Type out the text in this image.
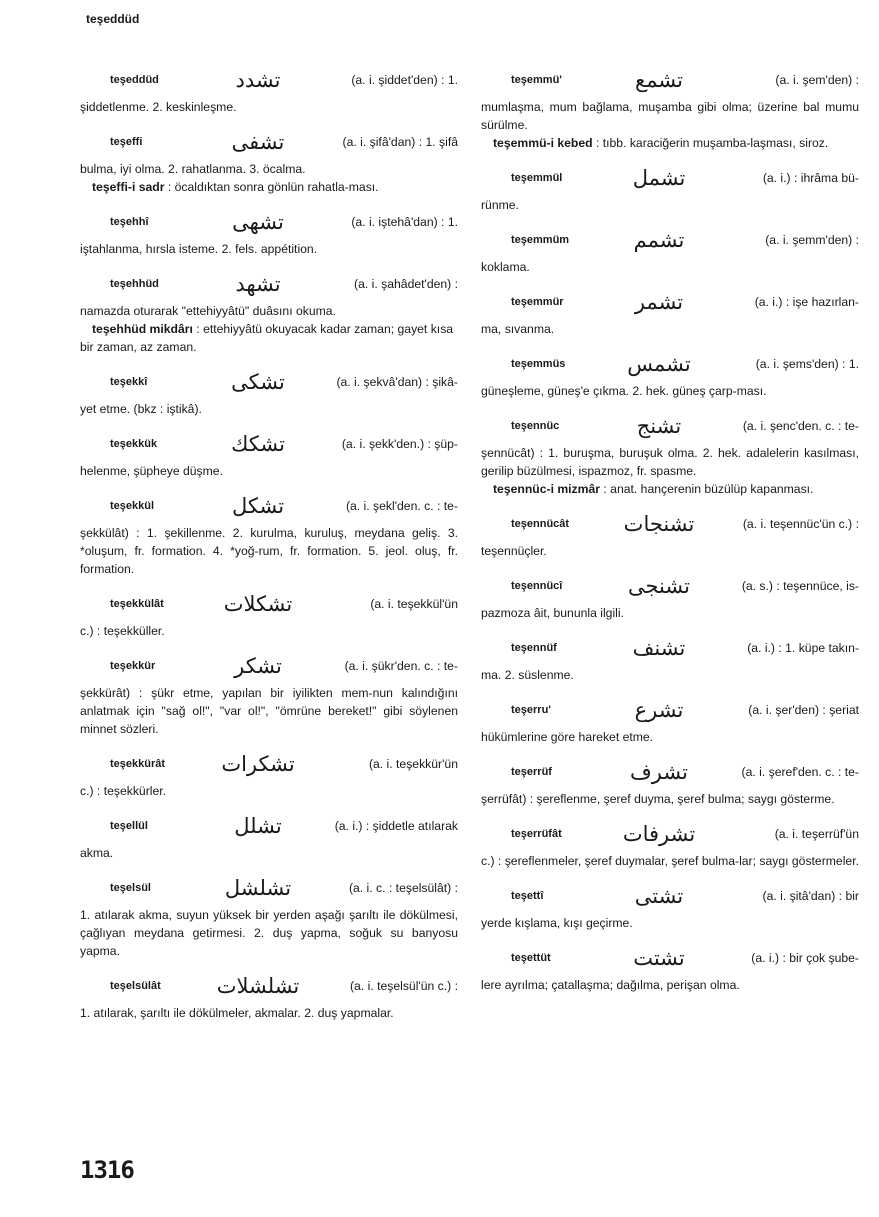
teşeddüd
teşeddüd	تشدد	(a. i. şiddet'den) : 1.

şiddetlenme. 2. keskinleşme.

teşeffi	تشفى	(a. i. şifâ'dan) : 1. şifâ

bulma, iyi olma. 2. rahatlanma. 3. öcalma.

teşeffi-i sadr : öcaldıktan sonra gönlün rahatla-ması.

teşehhî	تشهى	(a. i. iştehâ'dan) : 1.

iştahlanma, hırsla isteme. 2. fels. appétition.

teşehhüd	تشهد	(a. i. şahâdet'den) :

namazda oturarak "ettehiyyâtü" duâsını okuma.

teşehhüd mikdârı : ettehiyyâtü okuyacak kadar zaman; gayet kısa bir zaman, az zaman.

teşekkî	تشكى	(a. i. şekvâ'dan) : şikâ-

yet etme. (bkz : iştikâ).

teşekkük	تشكك	(a. i. şekk'den.) : şüp-

helenme, şüpheye düşme.

teşekkül	تشكل	(a. i. şekl'den. c. : te-

şekkülât) : 1. şekillenme. 2. kurulma, kuruluş, meydana geliş. 3. *oluşum, fr. formation. 4. *yoğ-rum, fr. formation. 5. jeol. oluş, fr. formation.

teşekkülât	تشكلات	(a. i. teşekkül'ün

c.) : teşekküller.

teşekkür	تشكر	(a. i. şükr'den. c. : te-

şekkürât) : şükr etme, yapılan bir iyilikten mem-nun kalındığını anlatmak için "sağ ol!", "var ol!", "ömrüne bereket!" gibi söylenen minnet sözleri.

teşekkürât	تشكرات	(a. i. teşekkür'ün

c.) : teşekkürler.

teşellül	تشلل	(a. i.) : şiddetle atılarak

akma.

teşelsül	تشلشل	(a. i. c. : teşelsülât) :

1. atılarak akma, suyun yüksek bir yerden aşağı şarıltı ile dökülmesi, çağlıyan meydana getirmesi. 2. duş yapma, soğuk su banyosu yapma.

teşelsülât	تشلشلات	(a. i. teşelsül'ün c.) :

1. atılarak, şarıltı ile dökülmeler, akmalar. 2. duş yapmalar.

teşemmü'	تشمع	(a. i. şem'den) :

mumlaşma, mum bağlama, muşamba gibi olma; üzerine bal mumu sürülme.

teşemmü-i kebed : tıbb. karaciğerin muşamba-laşması, siroz.

teşemmül	تشمل	(a. i.) : ihrâma bü-

rünme.

teşemmüm	تشمم	(a. i. şemm'den) :

koklama.

teşemmür	تشمر	(a. i.) : işe hazırlan-

ma, sıvanma.

teşemmüs	تشمس	(a. i. şems'den) : 1.

güneşleme, güneş'e çıkma. 2. hek. güneş çarp-ması.

teşennüc	تشنج	(a. i. şenc'den. c. : te-

şennücât) : 1. buruşma, buruşuk olma. 2. hek. adalelerin kasılması, gerilip büzülmesi, ispazmoz, fr. spasme.

teşennüc-i mizmâr : anat. hançerenin büzülüp kapanması.

teşennücât	تشنجات	(a. i. teşennüc'ün c.) :

teşennüçler.

teşennücî	تشنجى	(a. s.) : teşennüce, is-

pazmoza âit, bununla ilgili.

teşennüf	تشنف	(a. i.) : 1. küpe takın-

ma. 2. süslenme.

teşerru'	تشرع	(a. i. şer'den) : şeriat

hükümlerine göre hareket etme.

teşerrüf	تشرف	(a. i. şeref'den. c. : te-

şerrüfât) : şereflenme, şeref duyma, şeref bulma; saygı gösterme.

teşerrüfât	تشرفات	(a. i. teşerrüf'ün

c.) : şereflenmeler, şeref duymalar, şeref bulma-lar; saygı göstermeler.

teşettî	تشتى	(a. i. şitâ'dan) : bir

yerde kışlama, kışı geçirme.

teşettüt	تشتت	(a. i.) : bir çok şube-

lere ayrılma; çatallaşma; dağılma, perişan olma.

1316
